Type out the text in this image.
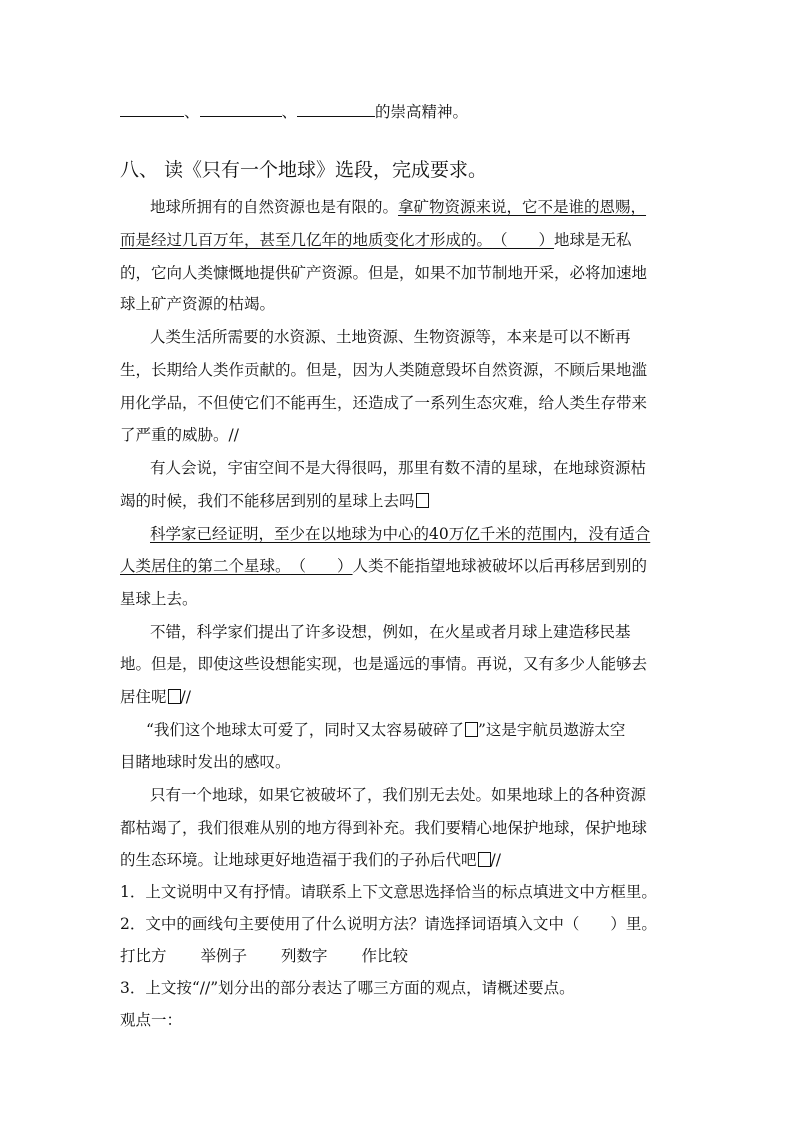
、	、	的崇高精神。
八、 读《只有一个地球》选段，完成要求。
地球所拥有的自然资源也是有限的。拿矿物资源来说，它不是谁的恩赐，
而是经过几百万年，甚至几亿年的地质变化才形成的。（　　）地球是无私
的，它向人类慷慨地提供矿产资源。但是，如果不加节制地开采，必将加速地
球上矿产资源的枯竭。
人类生活所需要的水资源、土地资源、生物资源等，本来是可以不断再
生，长期给人类作贡献的。但是，因为人类随意毁坏自然资源，不顾后果地滥
用化学品，不但使它们不能再生，还造成了一系列生态灾难，给人类生存带来
了严重的威胁。//
有人会说，宇宙空间不是大得很吗，那里有数不清的星球，在地球资源枯
竭的时候，我们不能移居到别的星球上去吗
科学家已经证明，至少在以地球为中心的40万亿千米的范围内，没有适合
人类居住的第二个星球。（　　）人类不能指望地球被破坏以后再移居到别的
星球上去。
不错，科学家们提出了许多设想，例如，在火星或者月球上建造移民基
地。但是，即使这些设想能实现，也是遥远的事情。再说，又有多少人能够去
居住呢 //
“我们这个地球太可爱了，同时又太容易破碎了 ”这是宇航员遨游太空
目睹地球时发出的感叹。
只有一个地球，如果它被破坏了，我们别无去处。如果地球上的各种资源
都枯竭了，我们很难从别的地方得到补充。我们要精心地保护地球，保护地球
的生态环境。让地球更好地造福于我们的子孙后代吧 //
1．上文说明中又有抒情。请联系上下文意思选择恰当的标点填进文中方框里。
2．文中的画线句主要使用了什么说明方法？请选择词语填入文中（　　）里。
打比方 举例子 列数字 作比较
3．上文按“//”划分出的部分表达了哪三方面的观点，请概述要点。
观点一：
